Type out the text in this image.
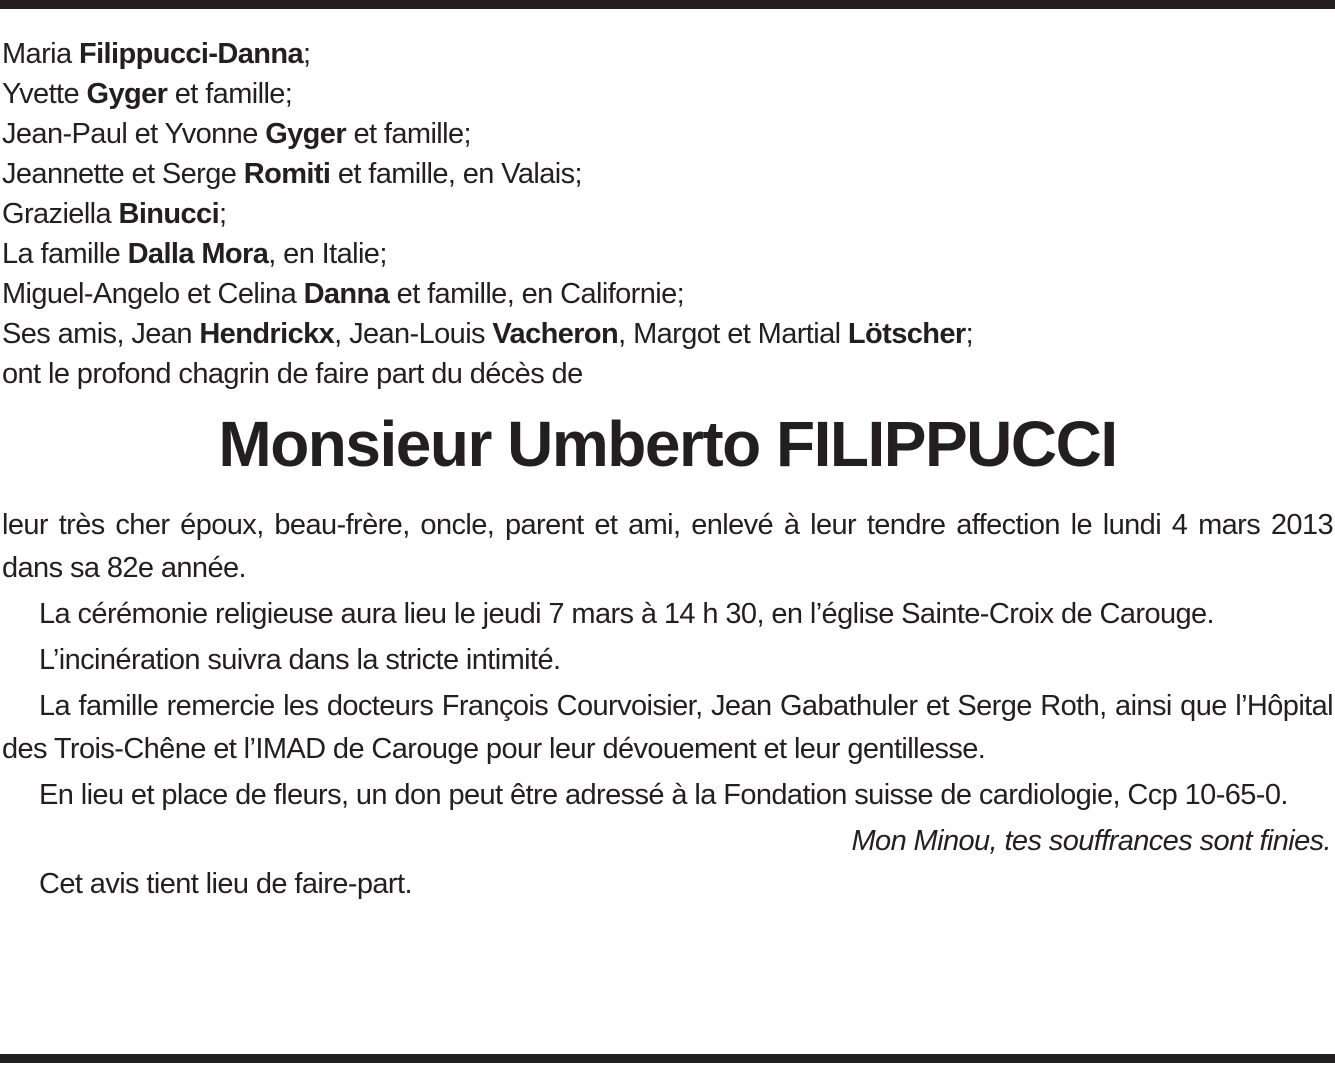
Maria Filippucci-Danna;
Yvette Gyger et famille;
Jean-Paul et Yvonne Gyger et famille;
Jeannette et Serge Romiti et famille, en Valais;
Graziella Binucci;
La famille Dalla Mora, en Italie;
Miguel-Angelo et Celina Danna et famille, en Californie;
Ses amis, Jean Hendrickx, Jean-Louis Vacheron, Margot et Martial Lötscher;
ont le profond chagrin de faire part du décès de
Monsieur Umberto FILIPPUCCI

leur très cher époux, beau-frère, oncle, parent et ami, enlevé à leur tendre affection le lundi 4 mars 2013 dans sa 82e année.

La cérémonie religieuse aura lieu le jeudi 7 mars à 14 h 30, en l’église Sainte-Croix de Carouge.

L’incinération suivra dans la stricte intimité.

La famille remercie les docteurs François Courvoisier, Jean Gabathuler et Serge Roth, ainsi que l’Hôpital des Trois-Chêne et l’IMAD de Carouge pour leur dévouement et leur gentillesse.

En lieu et place de fleurs, un don peut être adressé à la Fondation suisse de cardiologie, Ccp 10-65-0.

Mon Minou, tes souffrances sont finies.

Cet avis tient lieu de faire-part.
